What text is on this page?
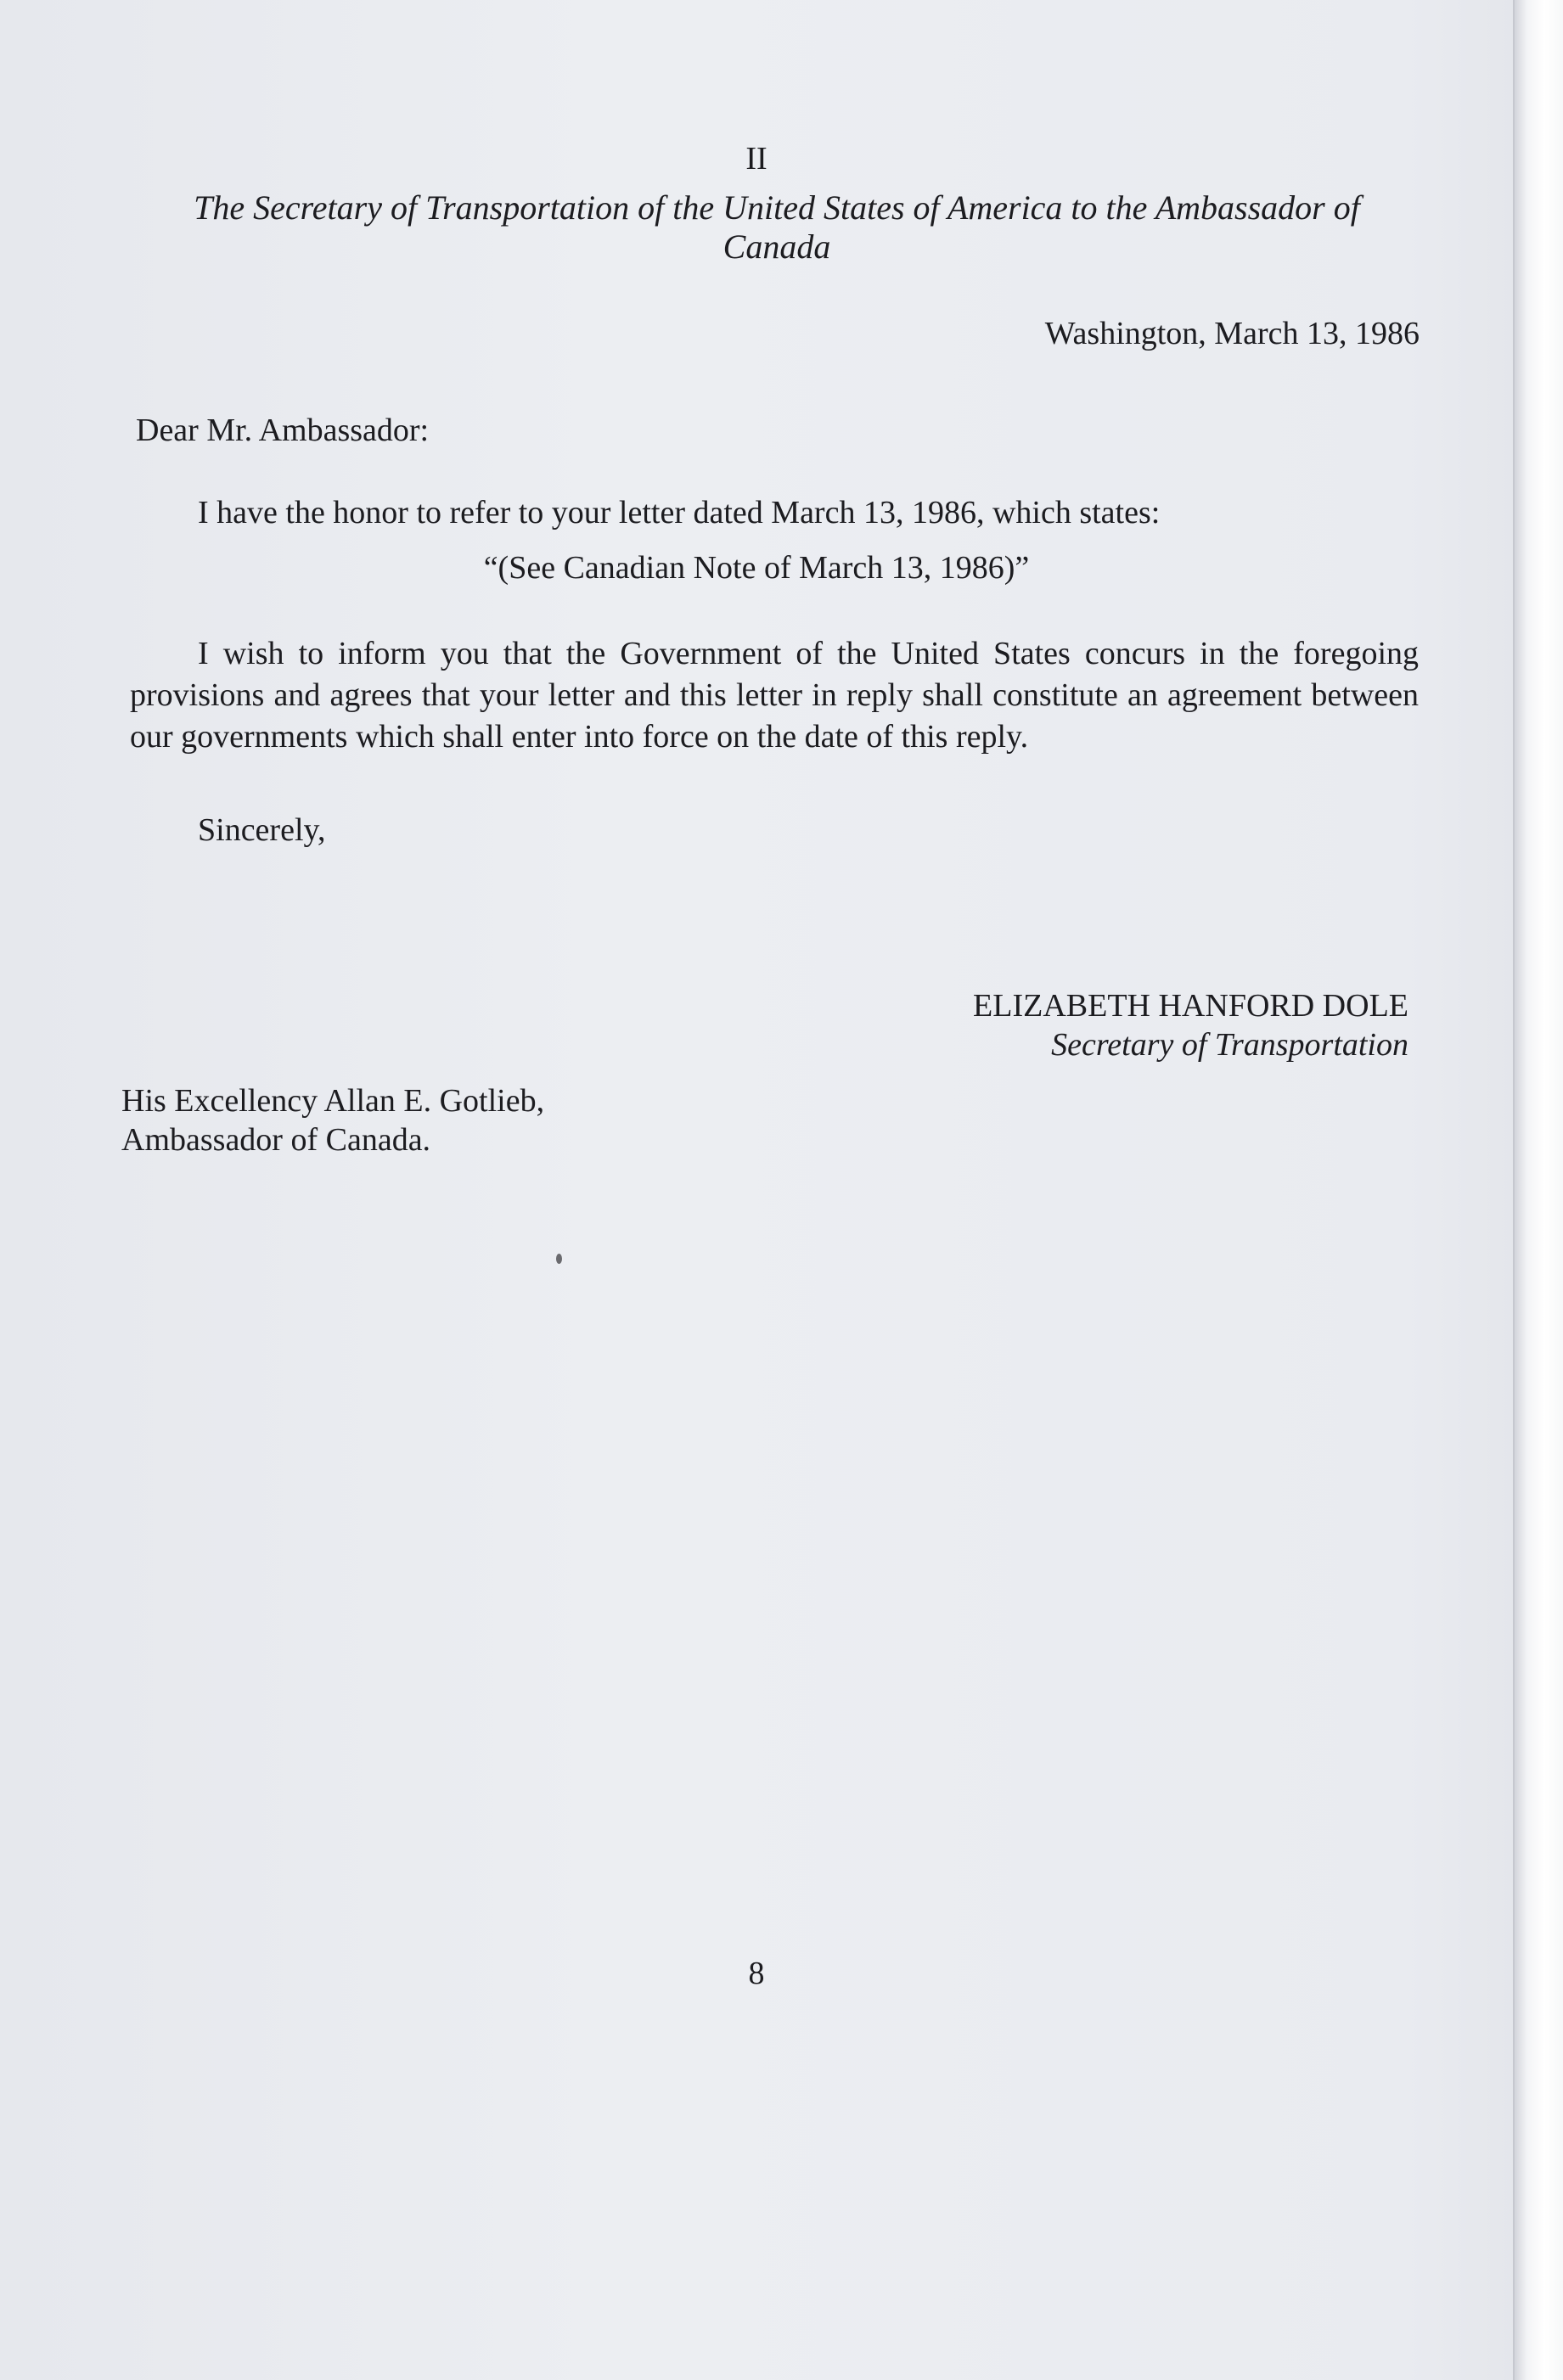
II
The Secretary of Transportation of the United States of America to the Ambassador of Canada
Washington, March 13, 1986
Dear Mr. Ambassador:
I have the honor to refer to your letter dated March 13, 1986, which states:
“(See Canadian Note of March 13, 1986)”
I wish to inform you that the Government of the United States concurs in the foregoing provisions and agrees that your letter and this letter in reply shall constitute an agreement between our governments which shall enter into force on the date of this reply.
Sincerely,
ELIZABETH HANFORD DOLE
Secretary of Transportation
His Excellency Allan E. Gotlieb,
Ambassador of Canada.
8
